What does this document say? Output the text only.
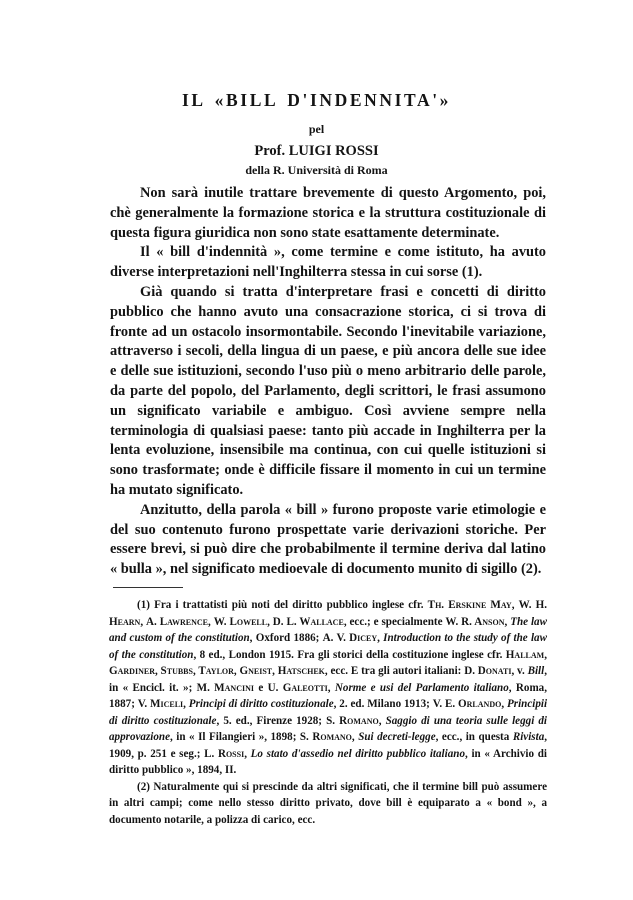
IL «BILL D'INDENNITA'»
pel
Prof. LUIGI ROSSI
della R. Università di Roma

Non sarà inutile trattare brevemente di questo Argomento, poi, chè generalmente la formazione storica e la struttura costituzionale di questa figura giuridica non sono state esattamente determinate.

Il « bill d'indennità », come termine e come istituto, ha avuto diverse interpretazioni nell'Inghilterra stessa in cui sorse (1).

Già quando si tratta d'interpretare frasi e concetti di diritto pubblico che hanno avuto una consacrazione storica, ci si trova di fronte ad un ostacolo insormontabile. Secondo l'inevitabile variazione, attraverso i secoli, della lingua di un paese, e più ancora delle sue idee e delle sue istituzioni, secondo l'uso più o meno arbitrario delle parole, da parte del popolo, del Parlamento, degli scrittori, le frasi assumono un significato variabile e ambiguo. Così avviene sempre nella terminologia di qualsiasi paese: tanto più accade in Inghilterra per la lenta evoluzione, insensibile ma continua, con cui quelle istituzioni si sono trasformate; onde è difficile fissare il momento in cui un termine ha mutato significato.

Anzitutto, della parola « bill » furono proposte varie etimologie e del suo contenuto furono prospettate varie derivazioni storiche. Per essere brevi, si può dire che probabilmente il termine deriva dal latino « bulla », nel significato medioevale di documento munito di sigillo (2).

(1) Fra i trattatisti più noti del diritto pubblico inglese cfr. Th. Erskine May, W. H. Hearn, A. Lawrence, W. Lowell, D. L. Wallace, ecc.; e specialmente W. R. Anson, The law and custom of the constitution, Oxford 1886; A. V. Dicey, Introduction to the study of the law of the constitution, 8 ed., London 1915. Fra gli storici della costituzione inglese cfr. Hallam, Gardiner, Stubbs, Taylor, Gneist, Hatschek, ecc. E tra gli autori italiani: D. Donati, v. Bill, in « Encicl. it. »; M. Mancini e U. Galeotti, Norme e usi del Parlamento italiano, Roma, 1887; V. Miceli, Principi di diritto costituzionale, 2. ed. Milano 1913; V. E. Orlando, Principii di diritto costituzionale, 5. ed., Firenze 1928; S. Romano, Saggio di una teoria sulle leggi di approvazione, in « Il Filangieri », 1898; S. Romano, Sui decreti-legge, ecc., in questa Rivista, 1909, p. 251 e seg.; L. Rossi, Lo stato d'assedio nel diritto pubblico italiano, in « Archivio di diritto pubblico », 1894, II.

(2) Naturalmente qui si prescinde da altri significati, che il termine bill può assumere in altri campi; come nello stesso diritto privato, dove bill è equiparato a « bond », a documento notarile, a polizza di carico, ecc.
